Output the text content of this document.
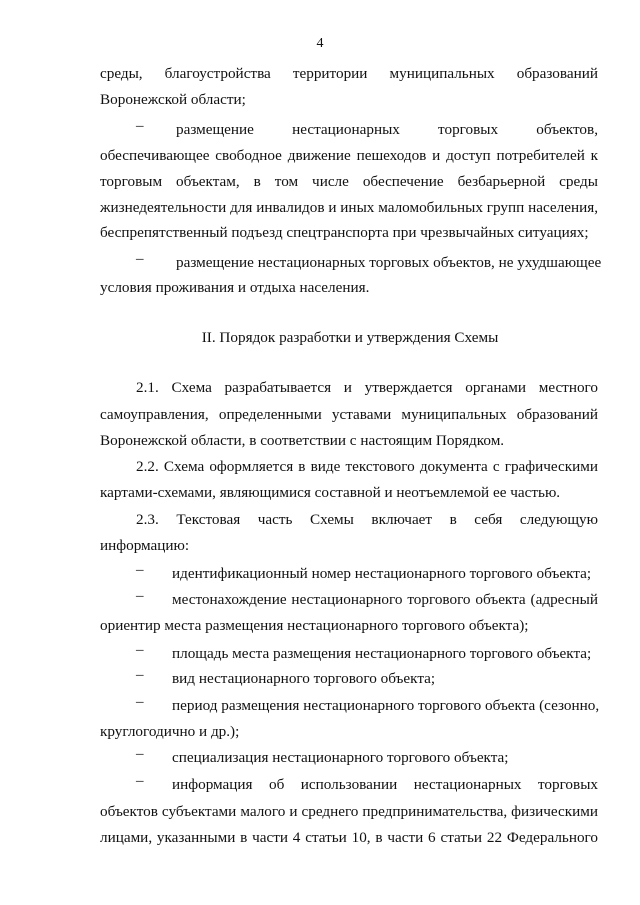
4
среды, благоустройства территории муниципальных образований
Воронежской области;
– размещение нестационарных торговых объектов,
обеспечивающее свободное движение пешеходов и доступ потребителей к
торговым объектам, в том числе обеспечение безбарьерной среды
жизнедеятельности для инвалидов и иных маломобильных групп населения,
беспрепятственный подъезд спецтранспорта при чрезвычайных ситуациях;
– размещение нестационарных торговых объектов, не ухудшающее
условия проживания и отдыха населения.
II. Порядок разработки и утверждения Схемы
2.1. Схема разрабатывается и утверждается органами местного
самоуправления, определенными уставами муниципальных образований
Воронежской области, в соответствии с настоящим Порядком.
2.2. Схема оформляется в виде текстового документа с графическими
картами-схемами, являющимися составной и неотъемлемой ее частью.
2.3. Текстовая часть Схемы включает в себя следующую
информацию:
– идентификационный номер нестационарного торгового объекта;
– местонахождение нестационарного торгового объекта (адресный
ориентир места размещения нестационарного торгового объекта);
– площадь места размещения нестационарного торгового объекта;
– вид нестационарного торгового объекта;
– период размещения нестационарного торгового объекта (сезонно,
круглогодично и др.);
– специализация нестационарного торгового объекта;
– информация об использовании нестационарных торговых
объектов субъектами малого и среднего предпринимательства, физическими
лицами, указанными в части 4 статьи 10, в части 6 статьи 22 Федерального
